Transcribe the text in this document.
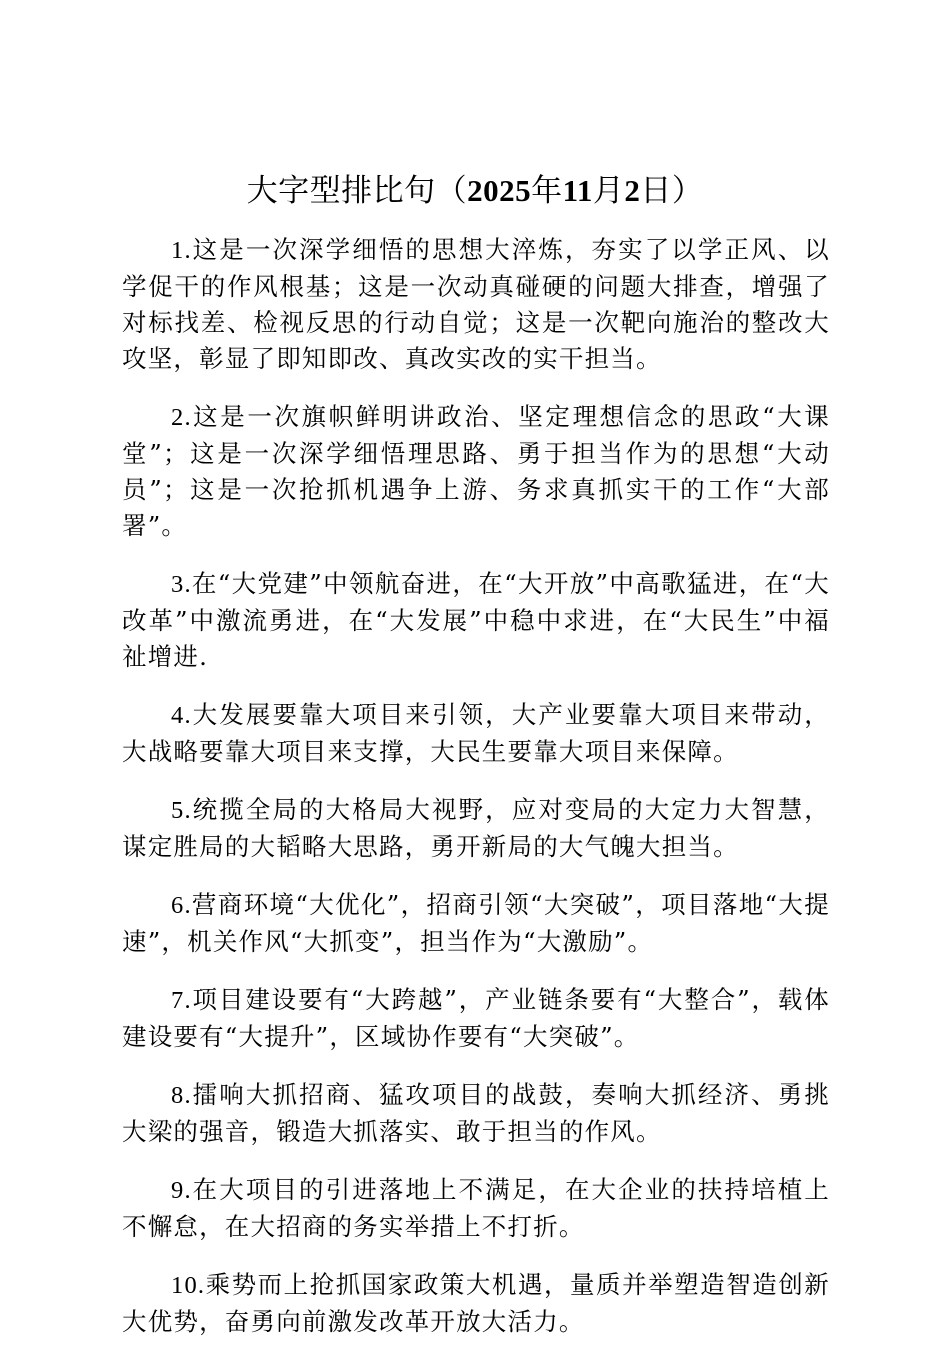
大字型排比句（2025年11月2日）

1.这是一次深学细悟的思想大淬炼，夯实了以学正风、以学促干的作风根基；这是一次动真碰硬的问题大排查，增强了对标找差、检视反思的行动自觉；这是一次靶向施治的整改大攻坚，彰显了即知即改、真改实改的实干担当。

2.这是一次旗帜鲜明讲政治、坚定理想信念的思政“大课堂”；这是一次深学细悟理思路、勇于担当作为的思想“大动员”；这是一次抢抓机遇争上游、务求真抓实干的工作“大部署”。

3.在“大党建”中领航奋进，在“大开放”中高歌猛进，在“大改革”中激流勇进，在“大发展”中稳中求进，在“大民生”中福祉增进.

4.大发展要靠大项目来引领，大产业要靠大项目来带动，大战略要靠大项目来支撑，大民生要靠大项目来保障。

5.统揽全局的大格局大视野，应对变局的大定力大智慧，谋定胜局的大韬略大思路，勇开新局的大气魄大担当。

6.营商环境“大优化”，招商引领“大突破”，项目落地“大提速”，机关作风“大抓变”，担当作为“大激励”。

7.项目建设要有“大跨越”，产业链条要有“大整合”，载体建设要有“大提升”，区域协作要有“大突破”。

8.擂响大抓招商、猛攻项目的战鼓，奏响大抓经济、勇挑大梁的强音，锻造大抓落实、敢于担当的作风。

9.在大项目的引进落地上不满足，在大企业的扶持培植上不懈怠，在大招商的务实举措上不打折。

10.乘势而上抢抓国家政策大机遇，量质并举塑造智造创新大优势，奋勇向前激发改革开放大活力。
